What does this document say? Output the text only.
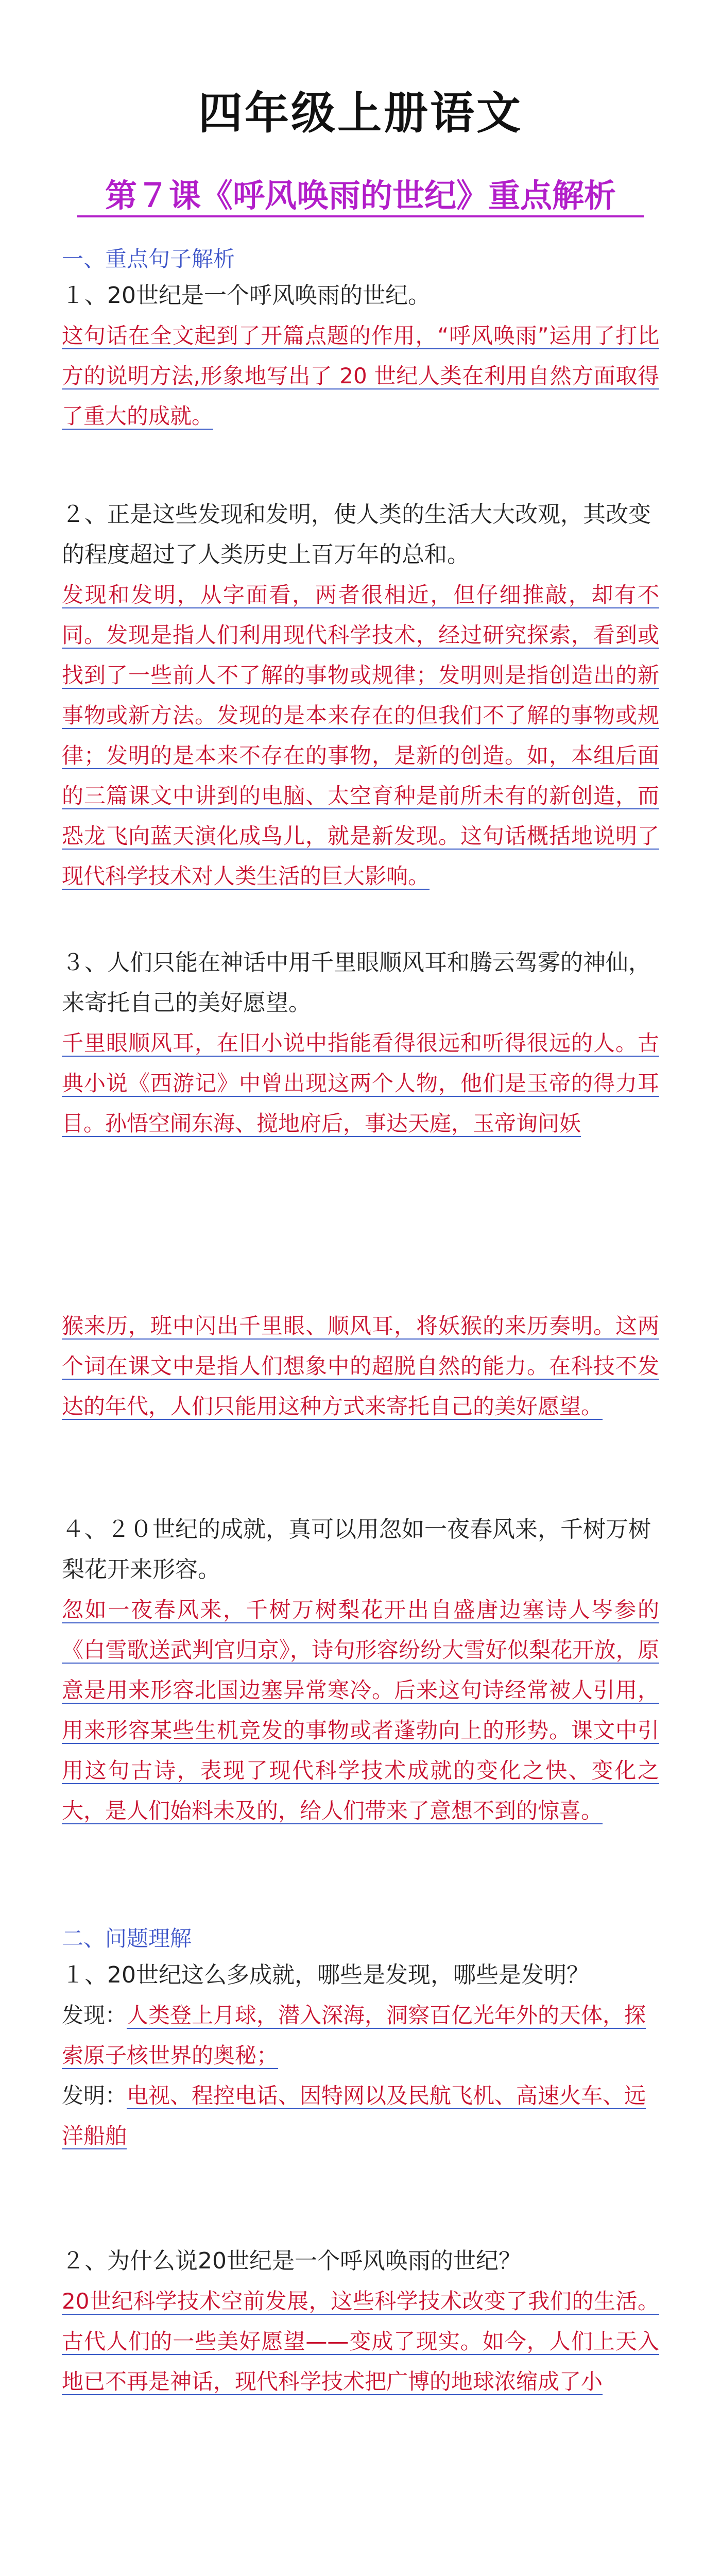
四年级上册语文
第７课《呼风唤雨的世纪》重点解析
一、重点句子解析
１、20世纪是一个呼风唤雨的世纪。
这句话在全文起到了开篇点题的作用，“呼风唤雨”运用了打比方的说明方法,形象地写出了 20 世纪人类在利用自然方面取得了重大的成就。
２、正是这些发现和发明，使人类的生活大大改观，其改变的程度超过了人类历史上百万年的总和。
发现和发明，从字面看，两者很相近，但仔细推敲，却有不同。发现是指人们利用现代科学技术，经过研究探索，看到或找到了一些前人不了解的事物或规律；发明则是指创造出的新事物或新方法。发现的是本来存在的但我们不了解的事物或规律；发明的是本来不存在的事物，是新的创造。如，本组后面的三篇课文中讲到的电脑、太空育种是前所未有的新创造，而恐龙飞向蓝天演化成鸟儿，就是新发现。这句话概括地说明了现代科学技术对人类生活的巨大影响。
３、人们只能在神话中用千里眼顺风耳和腾云驾雾的神仙，来寄托自己的美好愿望。
千里眼顺风耳，在旧小说中指能看得很远和听得很远的人。古典小说《西游记》中曾出现这两个人物，他们是玉帝的得力耳目。孙悟空闹东海、搅地府后，事达天庭，玉帝询问妖
猴来历，班中闪出千里眼、顺风耳，将妖猴的来历奏明。这两个词在课文中是指人们想象中的超脱自然的能力。在科技不发达的年代，人们只能用这种方式来寄托自己的美好愿望。
４、２０世纪的成就，真可以用忽如一夜春风来，千树万树梨花开来形容。
忽如一夜春风来，千树万树梨花开出自盛唐边塞诗人岑参的《白雪歌送武判官归京》，诗句形容纷纷大雪好似梨花开放，原意是用来形容北国边塞异常寒冷。后来这句诗经常被人引用，用来形容某些生机竞发的事物或者蓬勃向上的形势。课文中引用这句古诗，表现了现代科学技术成就的变化之快、变化之大，是人们始料未及的，给人们带来了意想不到的惊喜。
二、问题理解
１、20世纪这么多成就，哪些是发现，哪些是发明？
发现：人类登上月球，潜入深海，洞察百亿光年外的天体，探索原子核世界的奥秘；
发明：电视、程控电话、因特网以及民航飞机、高速火车、远洋船舶
２、为什么说20世纪是一个呼风唤雨的世纪？
20世纪科学技术空前发展，这些科学技术改变了我们的生活。古代人们的一些美好愿望——变成了现实。如今，人们上天入地已不再是神话，现代科学技术把广博的地球浓缩成了小
